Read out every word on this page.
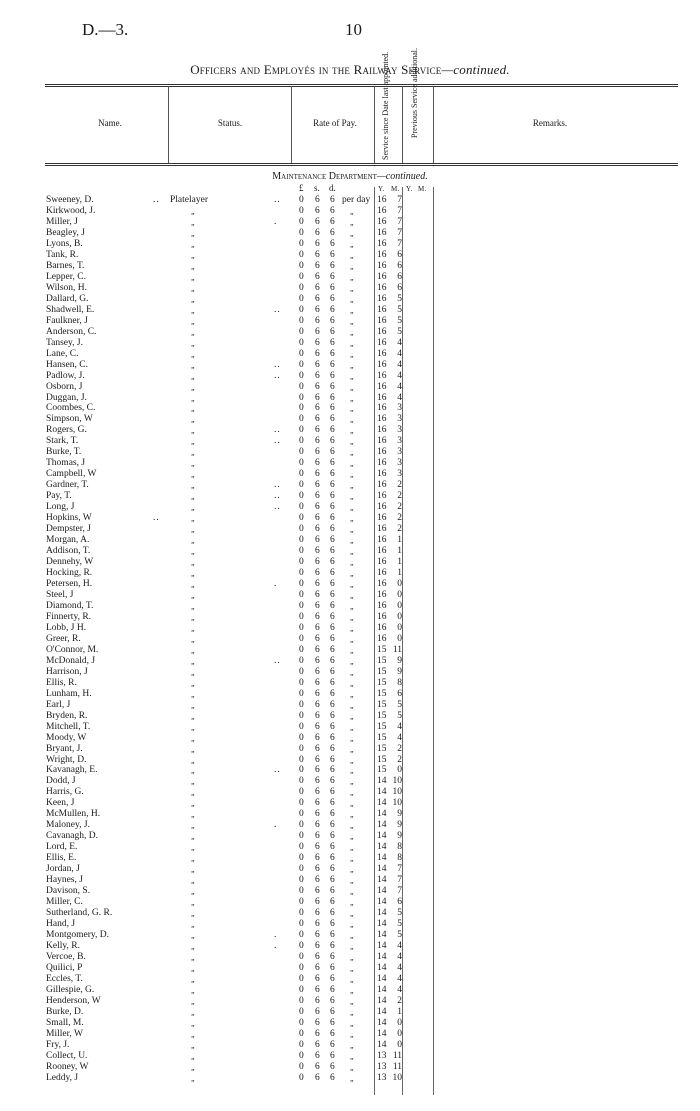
D.—3.	10
Officers and Employés in the Railway Service—continued.
Name.	Status.	Rate of Pay.	Service since Date last appointed.	Previous Service additional.	Remarks.
Maintenance Department—continued.
£ s. d.	Y. M. Y. M.
Sweeney, D.	.. Platelayer	.. 0 6 6 per day 16	7
Kirkwood, J.	„	0 6 6 „ 16	7
Miller, J	„	. 0 6 6 „ 16	7
Beagley, J	„	0 6 6 „ 16	7
Lyons, B.	„	0 6 6 „ 16	7
Tank, R.	„	0 6 6 „ 16	6
Barnes, T.	„	0 6 6 „ 16	6
Lepper, C.	„	0 6 6 „ 16	6
Wilson, H.	„	0 6 6 „ 16	6
Dallard, G.	„	0 6 6 „ 16	5
Shadwell, E.	„	.. 0 6 6 „ 16	5
Faulkner, J	„	0 6 6 „ 16	5
Anderson, C.	„	0 6 6 „ 16	5
Tansey, J.	„	0 6 6 „ 16	4
Lane, C.	„	0 6 6 „ 16	4
Hansen, C.	„	.. 0 6 6 „ 16	4
Padlow, J.	„	.. 0 6 6 „ 16	4
Osborn, J	„	0 6 6 „ 16	4
Duggan, J.	„	0 6 6 „ 16	4
Coombes, C.	„	0 6 6 „ 16	3
Simpson, W	„	0 6 6 „ 16	3
Rogers, G.	„	.. 0 6 6 „ 16	3
Stark, T.	„	.. 0 6 6 „ 16	3
Burke, T.	„	0 6 6 „ 16	3
Thomas, J	„	0 6 6 „ 16	3
Campbell, W	„	0 6 6 „ 16	3
Gardner, T.	„	.. 0 6 6 „ 16	2
Pay, T.	„	.. 0 6 6 „ 16	2
Long, J	„	.. 0 6 6 „ 16	2
Hopkins, W	..	„	0 6 6 „ 16	2
Dempster, J	„	0 6 6 „ 16	2
Morgan, A.	„	0 6 6 „ 16	1
Addison, T.	„	0 6 6 „ 16	1
Dennehy, W	„	0 6 6 „ 16	1
Hocking, R.	„	0 6 6 „ 16	1
Petersen, H.	„	. 0 6 6 „ 16	0
Steel, J	„	0 6 6 „ 16	0
Diamond, T.	„	0 6 6 „ 16	0
Finnerty, R.	„	0 6 6 „ 16	0
Lobb, J H.	„	0 6 6 „ 16	0
Greer, R.	„	0 6 6 „ 16	0
O'Connor, M.	„	0 6 6 „ 15 11
McDonald, J	„	.. 0 6 6 „ 15	9
Harrison, J	„	0 6 6 „ 15	9
Ellis, R.	„	0 6 6 „ 15	8
Lunham, H.	„	0 6 6 „ 15	6
Earl, J	„	0 6 6 „ 15	5
Bryden, R.	„	0 6 6 „ 15	5
Mitchell, T.	„	0 6 6 „ 15	4
Moody, W	„	0 6 6 „ 15	4
Bryant, J.	„	0 6 6 „ 15	2
Wright, D.	„	0 6 6 „ 15	2
Kavanagh, E.	„	.. 0 6 6 „ 15	0
Dodd, J	„	0 6 6 „ 14 10
Harris, G.	„	0 6 6 „ 14 10
Keen, J	„	0 6 6 „ 14 10
McMullen, H.	„	0 6 6 „ 14	9
Maloney, J.	„	. 0 6 6 „ 14	9
Cavanagh, D.	„	0 6 6 „ 14	9
Lord, E.	„	0 6 6 „ 14	8
Ellis, E.	„	0 6 6 „ 14	8
Jordan, J	„	0 6 6 „ 14	7
Haynes, J	„	0 6 6 „ 14	7
Davison, S.	„	0 6 6 „ 14	7
Miller, C.	„	0 6 6 „ 14	6
Sutherland, G. R.	„	0 6 6 „ 14	5
Hand, J	„	0 6 6 „ 14	5
Montgomery, D.	„	. 0 6 6 „ 14	5
Kelly, R.	„	. 0 6 6 „ 14	4
Vercoe, B.	„	0 6 6 „ 14	4
Quilici, P	„	0 6 6 „ 14	4
Eccles, T.	„	0 6 6 „ 14	4
Gillespie, G.	„	0 6 6 „ 14	4
Henderson, W	„	0 6 6 „ 14	2
Burke, D.	„	0 6 6 „ 14	1
Small, M.	„	0 6 6 „ 14	0
Miller, W	„	0 6 6 „ 14	0
Fry, J.	„	0 6 6 „ 14	0
Collect, U.	„	0 6 6 „ 13 11
Rooney, W	„	0 6 6 „ 13 11
Leddy, J	„	0 6 6 „ 13 10
